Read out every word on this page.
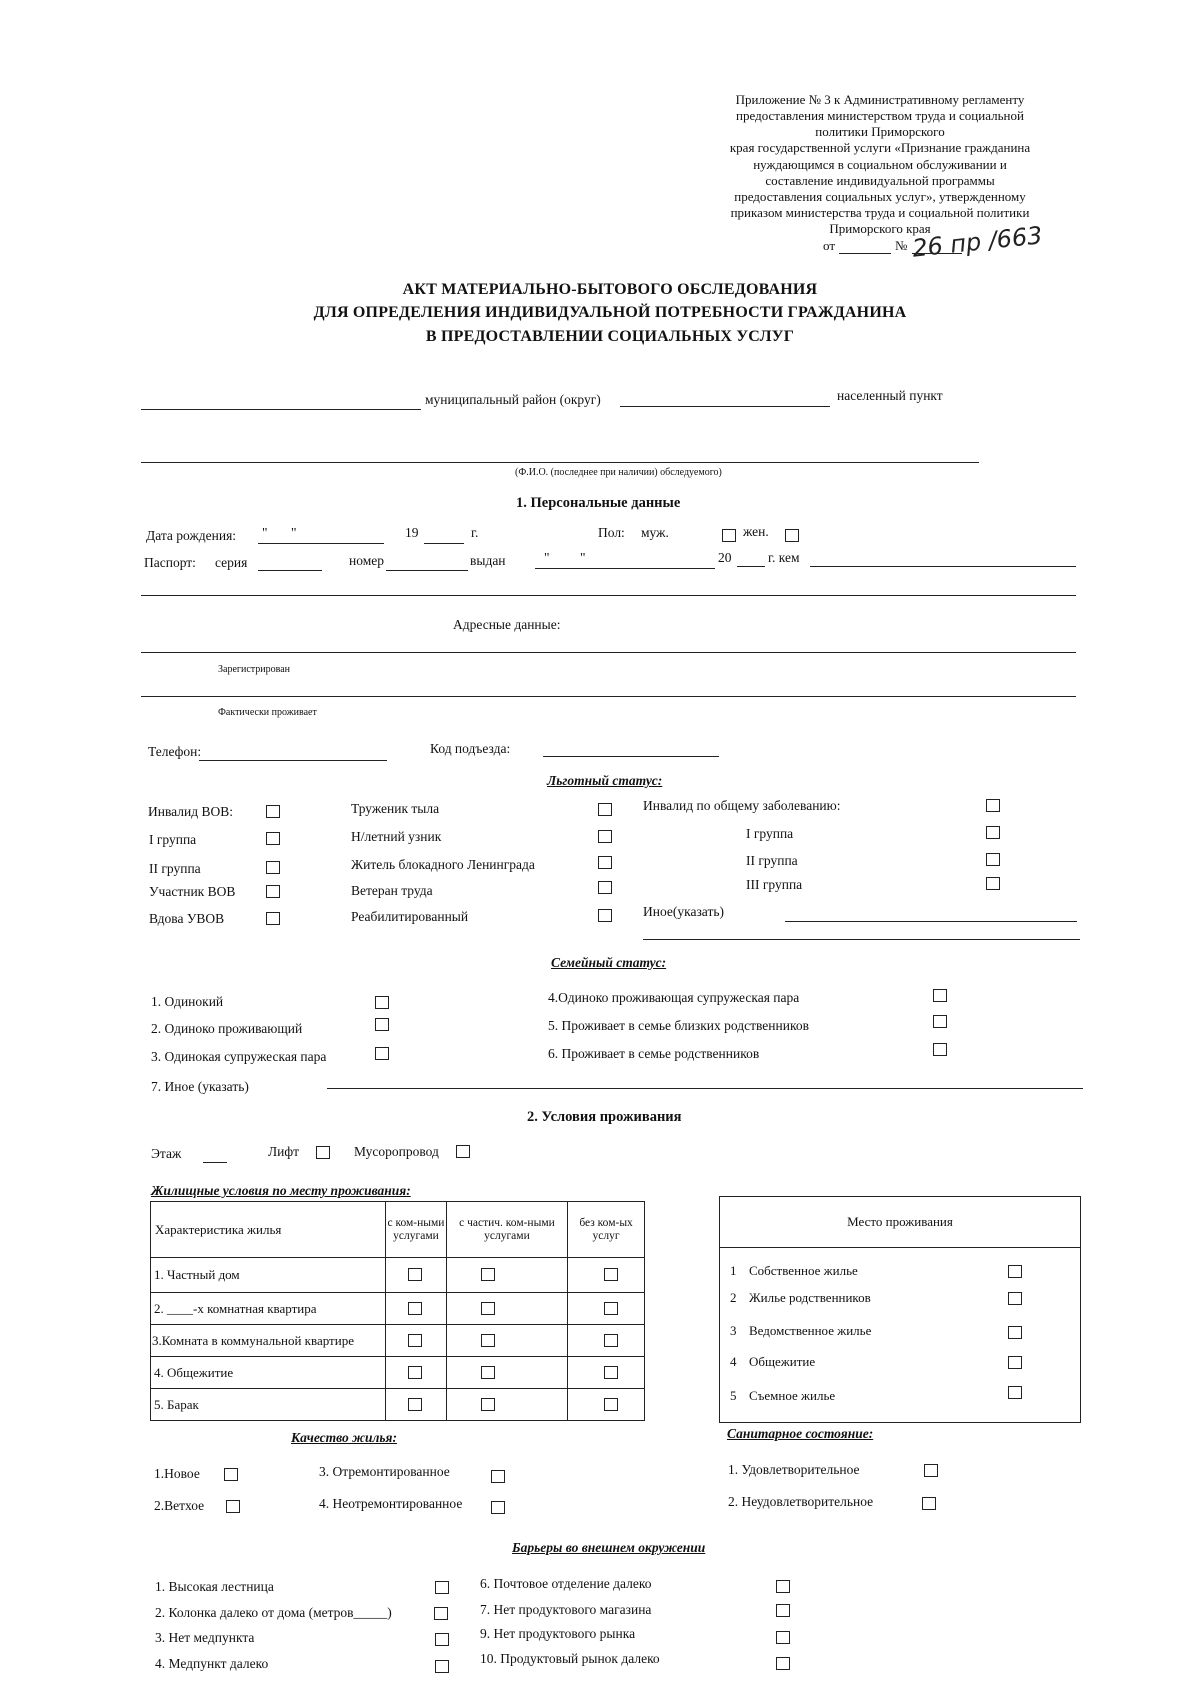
Приложение № 3 к Административному регламенту
предоставления министерством труда и социальной
политики Приморского
края государственной услуги «Признание гражданина
нуждающимся в социальном обслуживании и
составление индивидуальной программы
предоставления социальных услуг», утвержденному
приказом министерства труда и социальной политики
Приморского края
от	№ 26 пр /663
АКТ МАТЕРИАЛЬНО-БЫТОВОГО ОБСЛЕДОВАНИЯ
ДЛЯ ОПРЕДЕЛЕНИЯ ИНДИВИДУАЛЬНОЙ ПОТРЕБНОСТИ ГРАЖДАНИНА
В ПРЕДОСТАВЛЕНИИ СОЦИАЛЬНЫХ УСЛУГ
муниципальный район (округ)	населенный пункт
(Ф.И.О. (последнее при наличии) обследуемого)
1. Персональные данные
Дата рождения: " "	19	г.	Пол: муж.	жен.
Паспорт: серия	номер	выдан	" "	20	г. кем
Адресные данные:
Зарегистрирован
Фактически проживает
Телефон:	Код подъезда:
Льготный статус:
Инвалид ВОВ:
I группа
II группа
Участник ВОВ
Вдова УВОВ
Труженик тыла
Н/летний узник
Житель блокадного Ленинграда
Ветеран труда
Реабилитированный
Инвалид по общему заболеванию:
I группа
II группа
III группа
Иное(указать)
Семейный статус:
1. Одинокий
2. Одиноко проживающий
3. Одинокая супружеская пара
4.Одиноко проживающая супружеская пара
5. Проживает в семье близких родственников
6. Проживает в семье родственников
7. Иное (указать)
2. Условия проживания
Этаж	Лифт	Мусоропровод
Жилищные условия по месту проживания:
Характеристика жилья	с ком-ными услугами	с частич. ком-ными услугами	без ком-ых услуг
1. Частный дом	

2. ____-х комнатная квартира	

3.Комната в коммунальной квартире	

4. Общежитие	

5. Барак	

Место проживания

1 Собственное жилье
2 Жилье родственников
3 Ведомственное жилье
4 Общежитие
5 Съемное жилье

Качество жилья:
1.Новое
2.Ветхое
3. Отремонтированное
4. Неотремонтированное
Санитарное состояние:
1. Удовлетворительное
2. Неудовлетворительное
Барьеры во внешнем окружении
1. Высокая лестница
2. Колонка далеко от дома (метров_____)
3. Нет медпункта
4. Медпункт далеко
6. Почтовое отделение далеко
7. Нет продуктового магазина
9. Нет продуктового рынка
10. Продуктовый рынок далеко
